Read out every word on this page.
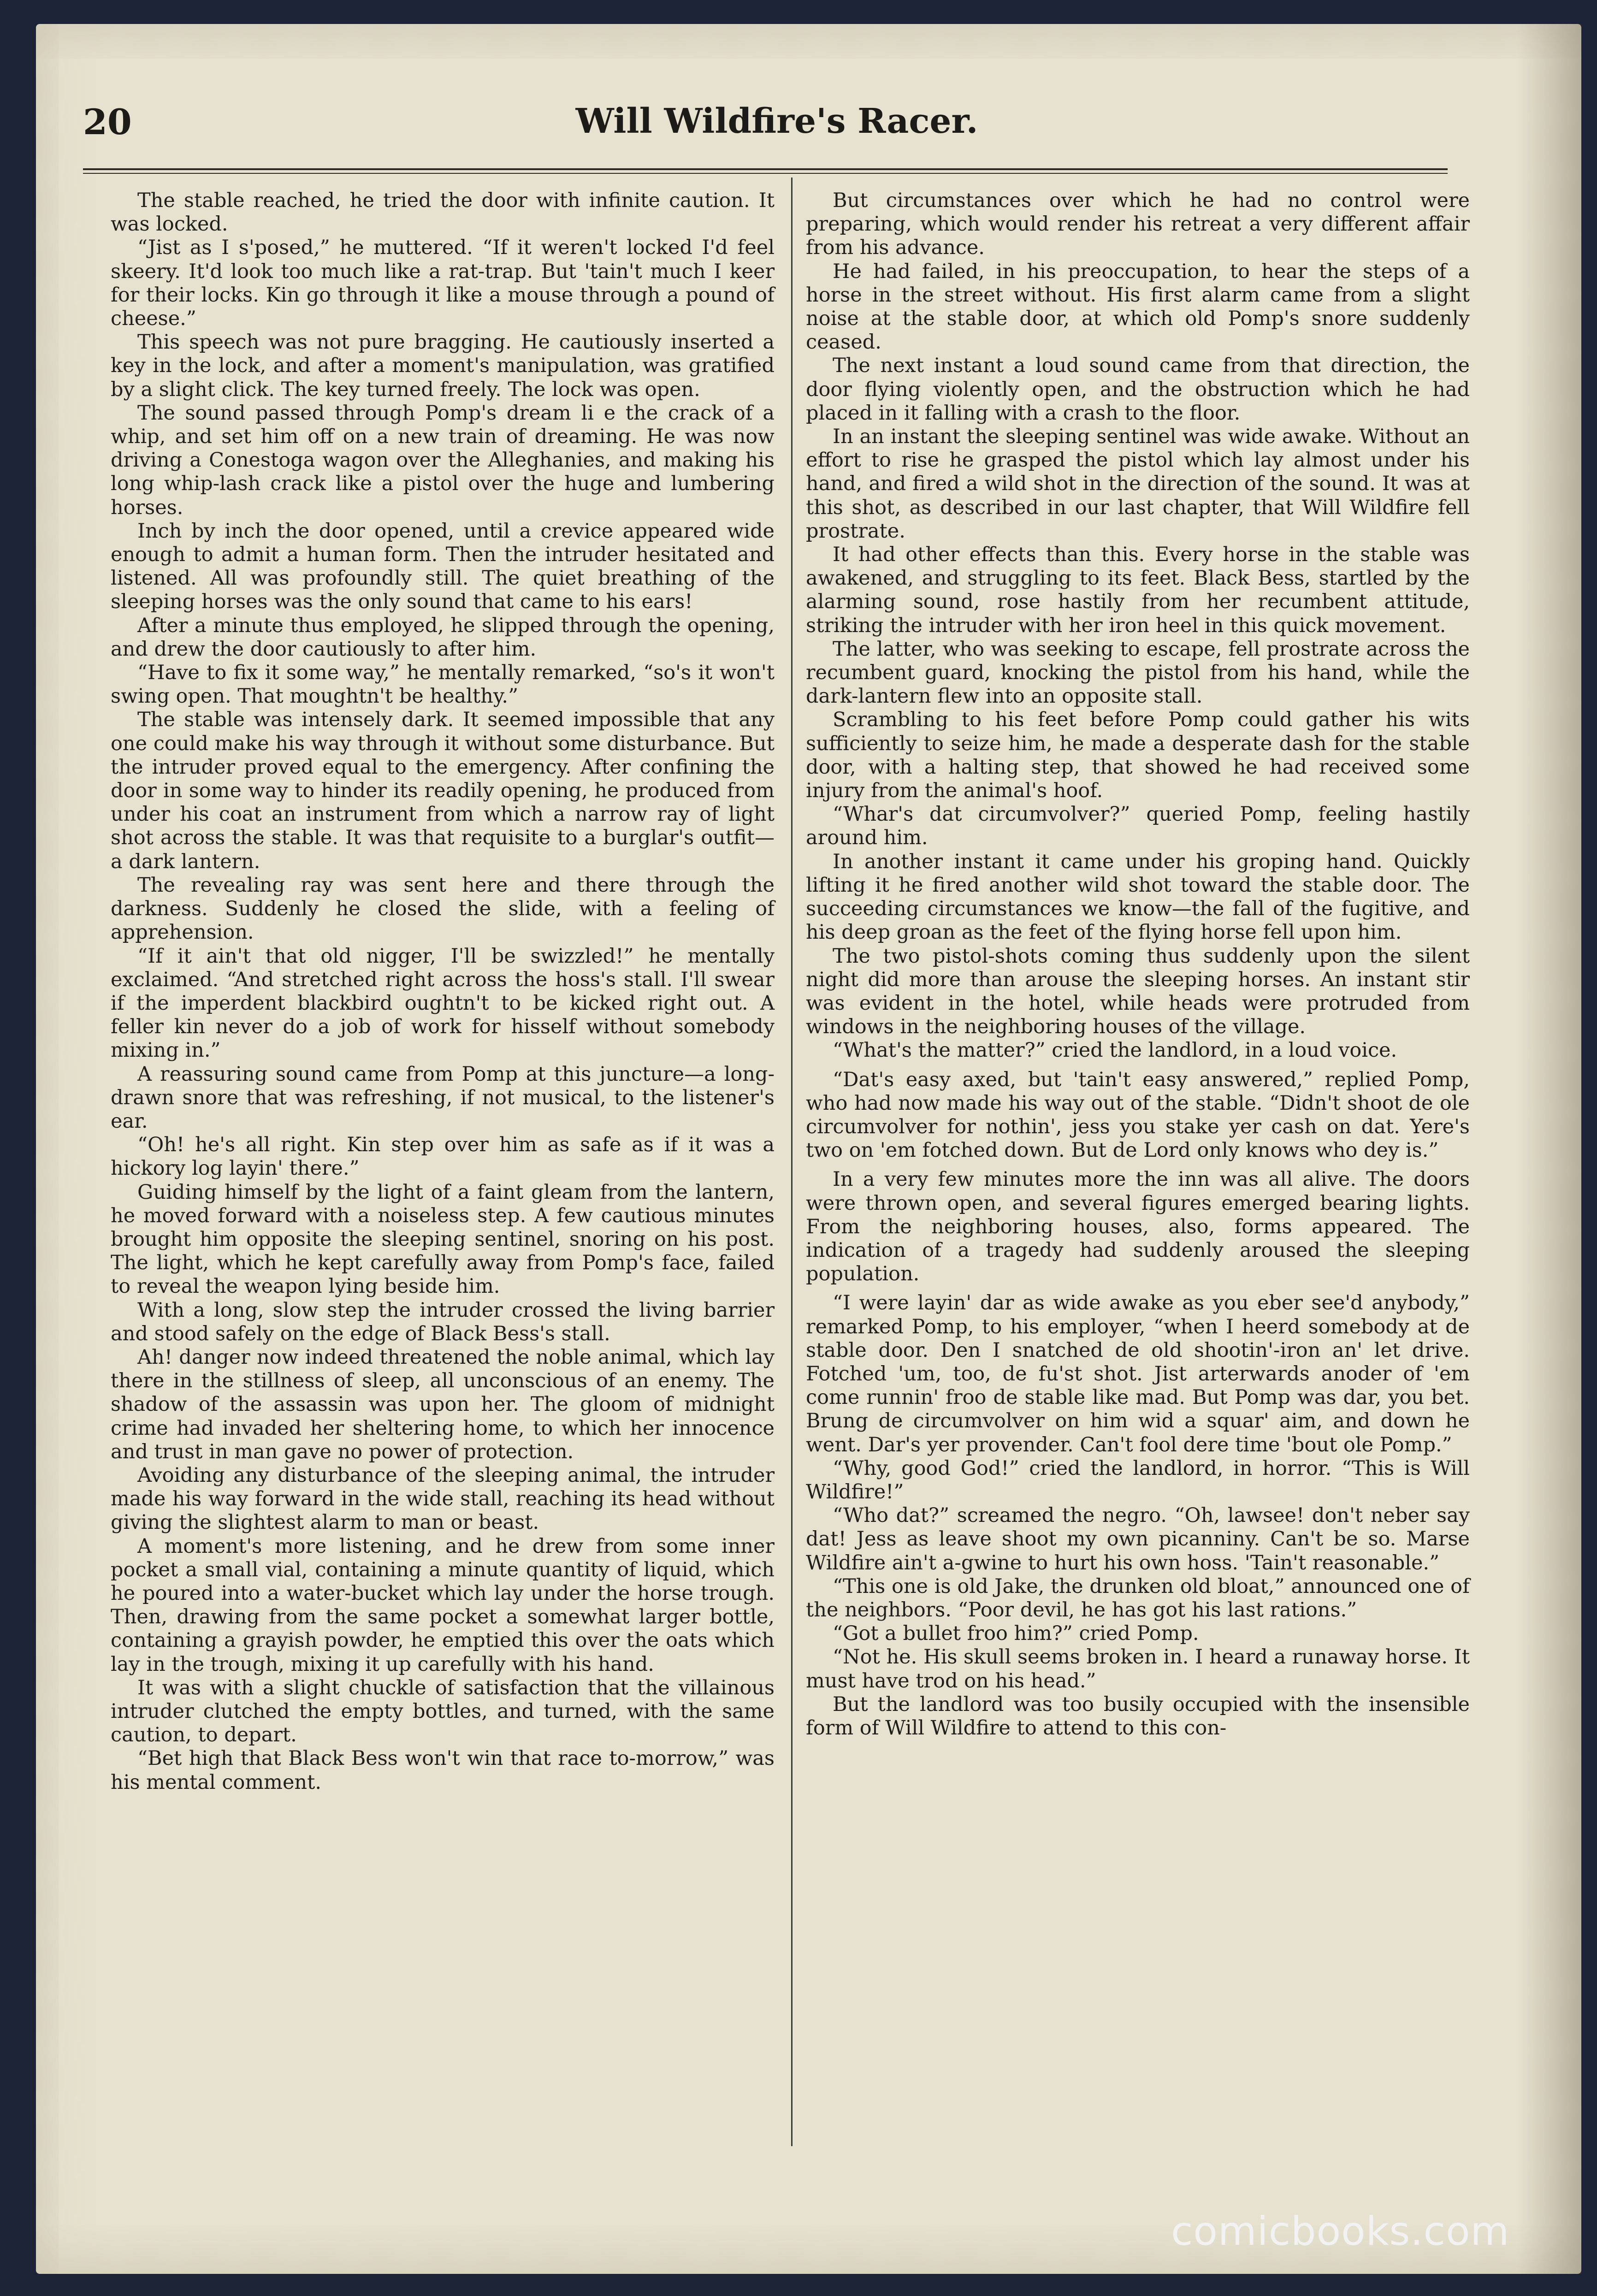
20	Will Wildfire's Racer.

The stable reached, he tried the door with infinite caution. It was locked.

“Jist as I s'posed,” he muttered. “If it weren't locked I'd feel skeery. It'd look too much like a rat-trap. But 'tain't much I keer for their locks. Kin go through it like a mouse through a pound of cheese.”

This speech was not pure bragging. He cautiously inserted a key in the lock, and after a moment's manipulation, was gratified by a slight click. The key turned freely. The lock was open.

The sound passed through Pomp's dream li e the crack of a whip, and set him off on a new train of dreaming. He was now driving a Conestoga wagon over the Alleghanies, and making his long whip-lash crack like a pistol over the huge and lumbering horses.

Inch by inch the door opened, until a crevice appeared wide enough to admit a human form. Then the intruder hesitated and listened. All was profoundly still. The quiet breathing of the sleeping horses was the only sound that came to his ears!

After a minute thus employed, he slipped through the opening, and drew the door cautiously to after him.

“Have to fix it some way,” he mentally remarked, “so's it won't swing open. That moughtn't be healthy.”

The stable was intensely dark. It seemed impossible that any one could make his way through it without some disturbance. But the intruder proved equal to the emergency. After confining the door in some way to hinder its readily opening, he produced from under his coat an instrument from which a narrow ray of light shot across the stable. It was that requisite to a burglar's outfit—a dark lantern.

The revealing ray was sent here and there through the darkness. Suddenly he closed the slide, with a feeling of apprehension.

“If it ain't that old nigger, I'll be swizzled!” he mentally exclaimed. “And stretched right across the hoss's stall. I'll swear if the imperdent blackbird oughtn't to be kicked right out. A feller kin never do a job of work for hisself without somebody mixing in.”

A reassuring sound came from Pomp at this juncture—a long-drawn snore that was refreshing, if not musical, to the listener's ear.

“Oh! he's all right. Kin step over him as safe as if it was a hickory log layin' there.”

Guiding himself by the light of a faint gleam from the lantern, he moved forward with a noiseless step. A few cautious minutes brought him opposite the sleeping sentinel, snoring on his post. The light, which he kept carefully away from Pomp's face, failed to reveal the weapon lying beside him.

With a long, slow step the intruder crossed the living barrier and stood safely on the edge of Black Bess's stall.

Ah! danger now indeed threatened the noble animal, which lay there in the stillness of sleep, all unconscious of an enemy. The shadow of the assassin was upon her. The gloom of midnight crime had invaded her sheltering home, to which her innocence and trust in man gave no power of protection.

Avoiding any disturbance of the sleeping animal, the intruder made his way forward in the wide stall, reaching its head without giving the slightest alarm to man or beast.

A moment's more listening, and he drew from some inner pocket a small vial, containing a minute quantity of liquid, which he poured into a water-bucket which lay under the horse trough. Then, drawing from the same pocket a somewhat larger bottle, containing a grayish powder, he emptied this over the oats which lay in the trough, mixing it up carefully with his hand.

It was with a slight chuckle of satisfaction that the villainous intruder clutched the empty bottles, and turned, with the same caution, to depart.

“Bet high that Black Bess won't win that race to-morrow,” was his mental comment.

But circumstances over which he had no control were preparing, which would render his retreat a very different affair from his advance.

He had failed, in his preoccupation, to hear the steps of a horse in the street without. His first alarm came from a slight noise at the stable door, at which old Pomp's snore suddenly ceased.

The next instant a loud sound came from that direction, the door flying violently open, and the obstruction which he had placed in it falling with a crash to the floor.

In an instant the sleeping sentinel was wide awake. Without an effort to rise he grasped the pistol which lay almost under his hand, and fired a wild shot in the direction of the sound. It was at this shot, as described in our last chapter, that Will Wildfire fell prostrate.

It had other effects than this. Every horse in the stable was awakened, and struggling to its feet. Black Bess, startled by the alarming sound, rose hastily from her recumbent attitude, striking the intruder with her iron heel in this quick movement.

The latter, who was seeking to escape, fell prostrate across the recumbent guard, knocking the pistol from his hand, while the dark-lantern flew into an opposite stall.

Scrambling to his feet before Pomp could gather his wits sufficiently to seize him, he made a desperate dash for the stable door, with a halting step, that showed he had received some injury from the animal's hoof.

“Whar's dat circumvolver?” queried Pomp, feeling hastily around him.

In another instant it came under his groping hand. Quickly lifting it he fired another wild shot toward the stable door. The succeeding circumstances we know—the fall of the fugitive, and his deep groan as the feet of the flying horse fell upon him.

The two pistol-shots coming thus suddenly upon the silent night did more than arouse the sleeping horses. An instant stir was evident in the hotel, while heads were protruded from windows in the neighboring houses of the village.

“What's the matter?” cried the landlord, in a loud voice.

“Dat's easy axed, but 'tain't easy answered,” replied Pomp, who had now made his way out of the stable. “Didn't shoot de ole circumvolver for nothin', jess you stake yer cash on dat. Yere's two on 'em fotched down. But de Lord only knows who dey is.”

In a very few minutes more the inn was all alive. The doors were thrown open, and several figures emerged bearing lights. From the neighboring houses, also, forms appeared. The indication of a tragedy had suddenly aroused the sleeping population.

“I were layin' dar as wide awake as you eber see'd anybody,” remarked Pomp, to his employer, “when I heerd somebody at de stable door. Den I snatched de old shootin'-iron an' let drive. Fotched 'um, too, de fu'st shot. Jist arterwards anoder of 'em come runnin' froo de stable like mad. But Pomp was dar, you bet. Brung de circumvolver on him wid a squar' aim, and down he went. Dar's yer provender. Can't fool dere time 'bout ole Pomp.”

“Why, good God!” cried the landlord, in horror. “This is Will Wildfire!”

“Who dat?” screamed the negro. “Oh, lawsee! don't neber say dat! Jess as leave shoot my own picanniny. Can't be so. Marse Wildfire ain't a-gwine to hurt his own hoss. 'Tain't reasonable.”

“This one is old Jake, the drunken old bloat,” announced one of the neighbors. “Poor devil, he has got his last rations.”

“Got a bullet froo him?” cried Pomp.

“Not he. His skull seems broken in. I heard a runaway horse. It must have trod on his head.”

But the landlord was too busily occupied with the insensible form of Will Wildfire to attend to this con-

comicbooks.com
